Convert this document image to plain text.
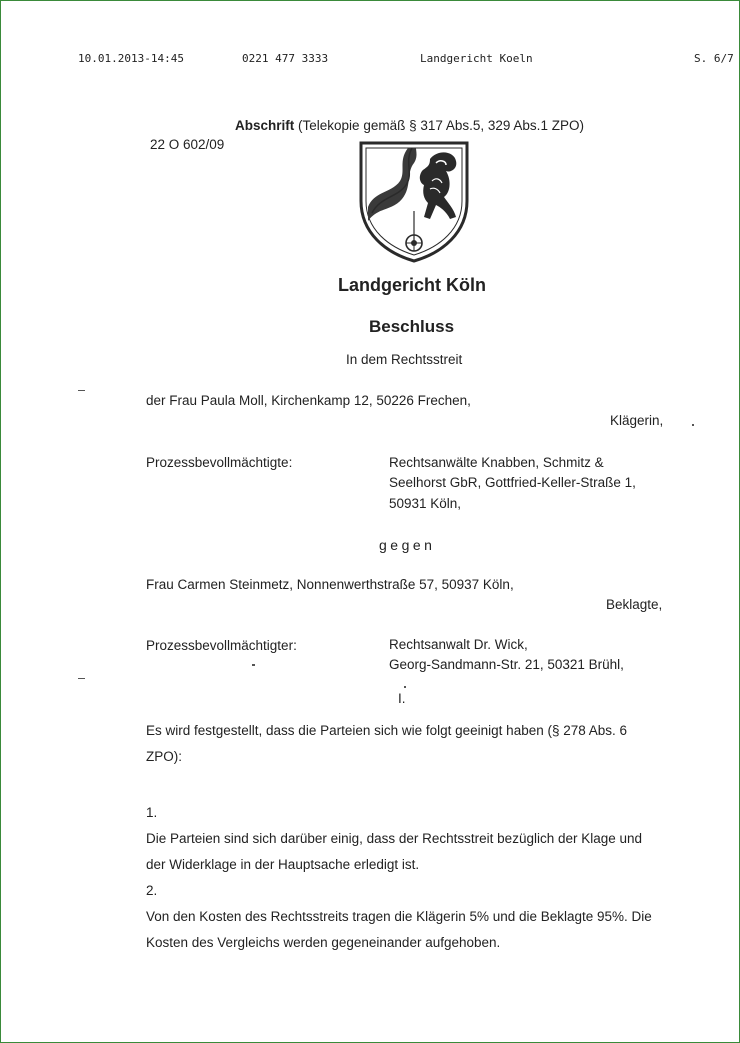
10.01.2013-14:45	0221 477 3333	Landgericht Koeln	S. 6/7
Abschrift (Telekopie gemäß § 317 Abs.5, 329 Abs.1 ZPO)
22 O 602/09
Landgericht Köln
Beschluss
In dem Rechtsstreit
der Frau Paula Moll, Kirchenkamp 12, 50226 Frechen,
Klägerin,
Prozessbevollmächtigte:	Rechtsanwälte Knabben, Schmitz &
Seelhorst GbR, Gottfried-Keller-Straße 1,
50931 Köln,
gegen
Frau Carmen Steinmetz, Nonnenwerthstraße 57, 50937 Köln,
Beklagte,
Prozessbevollmächtigter:	Rechtsanwalt Dr. Wick,
Georg-Sandmann-Str. 21, 50321 Brühl,
I.
Es wird festgestellt, dass die Parteien sich wie folgt geeinigt haben (§ 278 Abs. 6
ZPO):
1.
Die Parteien sind sich darüber einig, dass der Rechtsstreit bezüglich der Klage und
der Widerklage in der Hauptsache erledigt ist.
2.
Von den Kosten des Rechtsstreits tragen die Klägerin 5% und die Beklagte 95%. Die
Kosten des Vergleichs werden gegeneinander aufgehoben.
